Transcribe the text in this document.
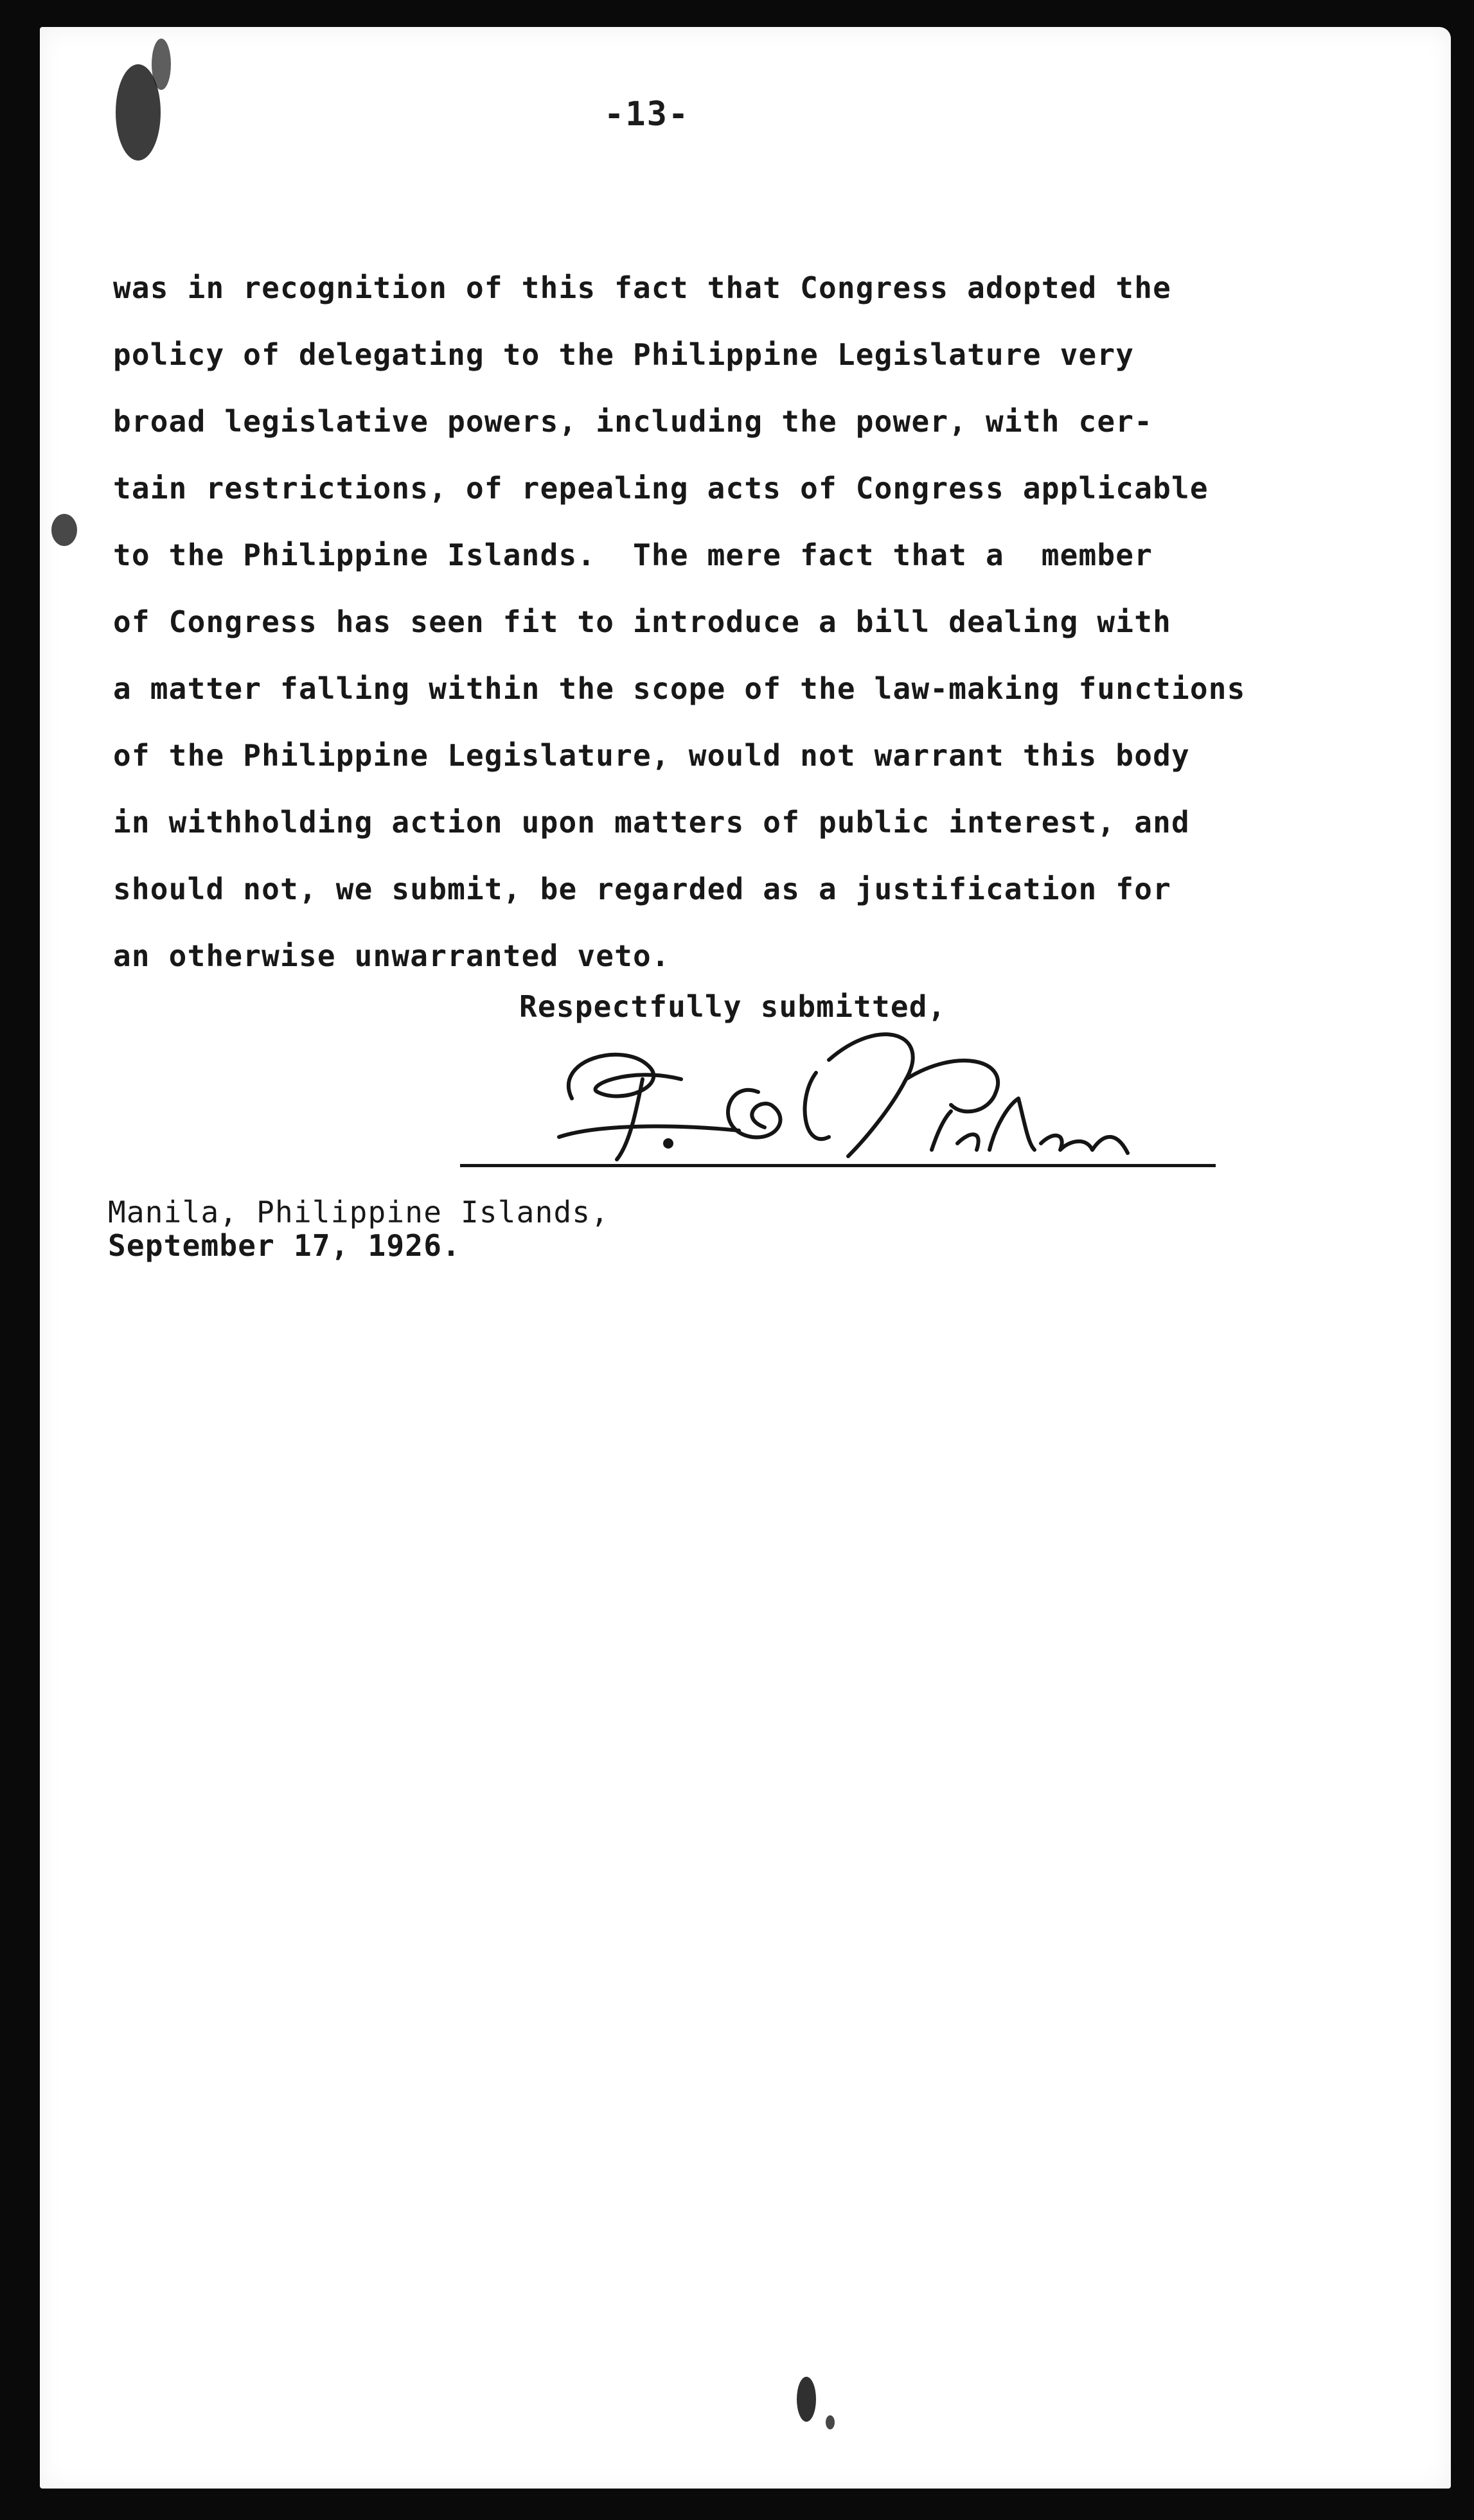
-13-
was in recognition of this fact that Congress adopted the
policy of delegating to the Philippine Legislature very
broad legislative powers, including the power, with cer-
tain restrictions, of repealing acts of Congress applicable
to the Philippine Islands.  The mere fact that a  member
of Congress has seen fit to introduce a bill dealing with
a matter falling within the scope of the law-making functions
of the Philippine Legislature, would not warrant this body
in withholding action upon matters of public interest, and
should not, we submit, be regarded as a justification for
an otherwise unwarranted veto.
Respectfully submitted,
Manila, Philippine Islands,
September 17, 1926.
